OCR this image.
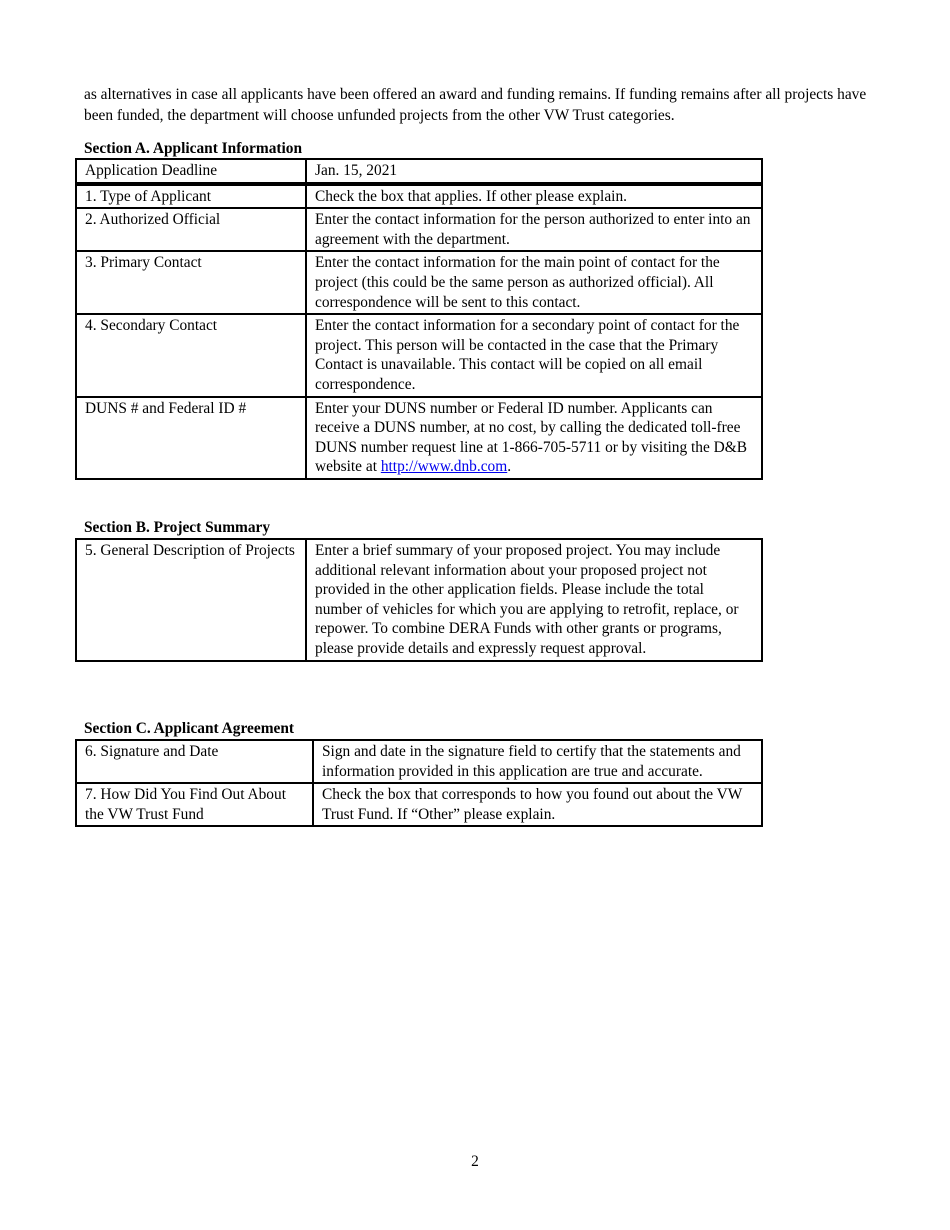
as alternatives in case all applicants have been offered an award and funding remains. If funding remains after all projects have been funded, the department will choose unfunded projects from the other VW Trust categories.

Section A. Applicant Information

Application Deadline	Jan. 15, 2021
1. Type of Applicant	Check the box that applies. If other please explain.
2. Authorized Official	Enter the contact information for the person authorized to enter into an agreement with the department.
3. Primary Contact	Enter the contact information for the main point of contact for the project (this could be the same person as authorized official). All correspondence will be sent to this contact.
4. Secondary Contact	Enter the contact information for a secondary point of contact for the project. This person will be contacted in the case that the Primary Contact is unavailable. This contact will be copied on all email correspondence.
DUNS # and Federal ID #	Enter your DUNS number or Federal ID number. Applicants can receive a DUNS number, at no cost, by calling the dedicated toll-free DUNS number request line at 1-866-705-5711 or by visiting the D&B website at http://www.dnb.com.

Section B. Project Summary

5. General Description of Projects	Enter a brief summary of your proposed project. You may include additional relevant information about your proposed project not provided in the other application fields. Please include the total number of vehicles for which you are applying to retrofit, replace, or repower. To combine DERA Funds with other grants or programs, please provide details and expressly request approval.

Section C. Applicant Agreement

6. Signature and Date	Sign and date in the signature field to certify that the statements and information provided in this application are true and accurate.
7. How Did You Find Out About the VW Trust Fund	Check the box that corresponds to how you found out about the VW Trust Fund. If “Other” please explain.
2
